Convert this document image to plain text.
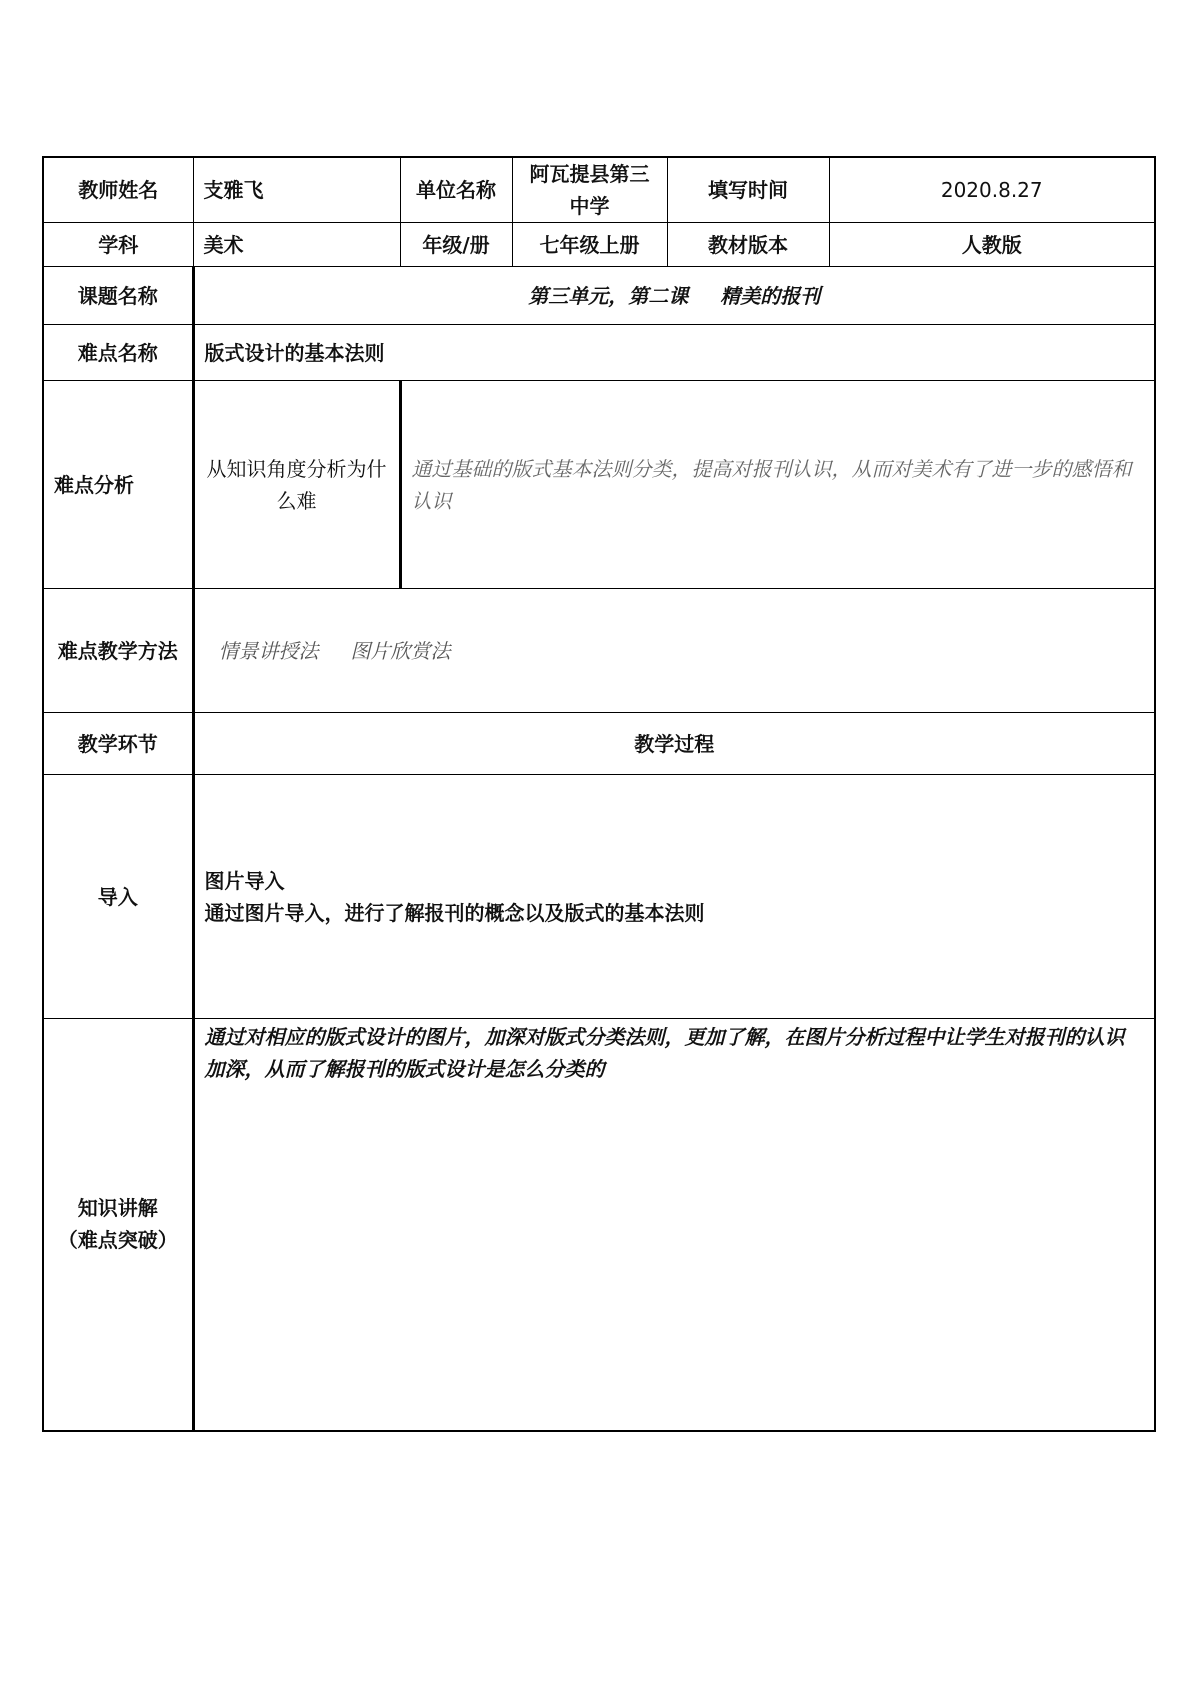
教师姓名	支雅飞	单位名称	阿瓦提县第三中学	填写时间	2020.8.27
学科	美术	年级/册	七年级上册	教材版本	人教版
课题名称	第三单元，第二课 精美的报刊				
难点名称	版式设计的基本法则				
难点分析	从知识角度分析为什么难	通过基础的版式基本法则分类，提高对报刊认识，从而对美术有了进一步的感悟和认识			
难点教学方法	情景讲授法 图片欣赏法				
教学环节	教学过程				
导入	图片导入
通过图片导入，进行了解报刊的概念以及版式的基本法则				

知识讲解
（难点突破）	通过对相应的版式设计的图片，加深对版式分类法则，更加了解，在图片分析过程中让学生对报刊的认识加深，从而了解报刊的版式设计是怎么分类的				
